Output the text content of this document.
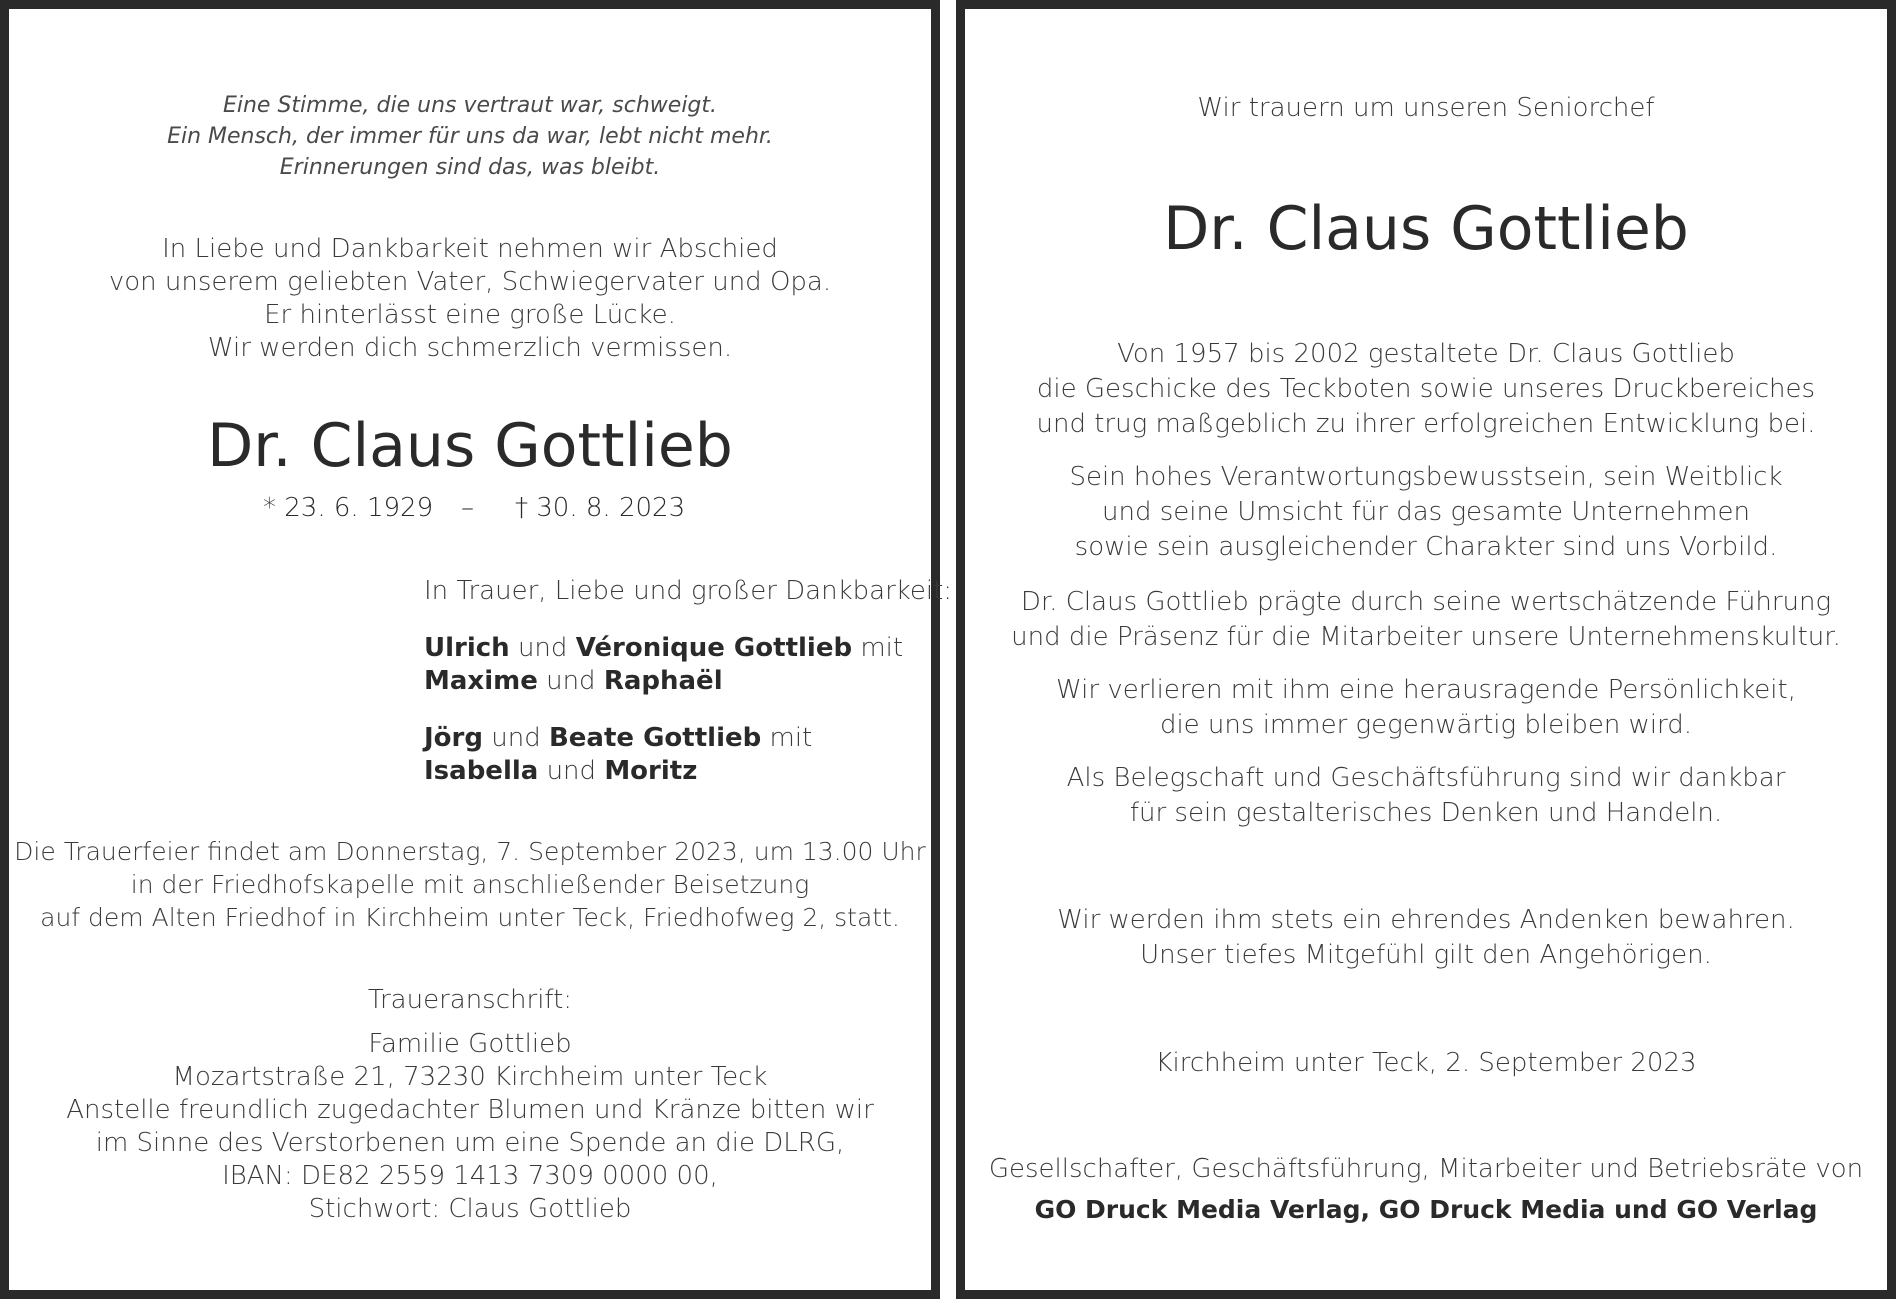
Eine Stimme, die uns vertraut war, schweigt.
Ein Mensch, der immer für uns da war, lebt nicht mehr.
Erinnerungen sind das, was bleibt.
In Liebe und Dankbarkeit nehmen wir Abschied
von unserem geliebten Vater, Schwiegervater und Opa.
Er hinterlässt eine große Lücke.
Wir werden dich schmerzlich vermissen.
Dr. Claus Gottlieb
* 23. 6. 1929 – † 30. 8. 2023
In Trauer, Liebe und großer Dankbarkeit:
Ulrich und Véronique Gottlieb mit
Maxime und Raphaël
Jörg und Beate Gottlieb mit
Isabella und Moritz
Die Trauerfeier findet am Donnerstag, 7. September 2023, um 13.00 Uhr
in der Friedhofskapelle mit anschließender Beisetzung
auf dem Alten Friedhof in Kirchheim unter Teck, Friedhofweg 2, statt.
Traueranschrift:
Familie Gottlieb
Mozartstraße 21, 73230 Kirchheim unter Teck
Anstelle freundlich zugedachter Blumen und Kränze bitten wir
im Sinne des Verstorbenen um eine Spende an die DLRG,
IBAN: DE82 2559 1413 7309 0000 00,
Stichwort: Claus Gottlieb
Wir trauern um unseren Seniorchef
Dr. Claus Gottlieb
Von 1957 bis 2002 gestaltete Dr. Claus Gottlieb
die Geschicke des Teckboten sowie unseres Druckbereiches
und trug maßgeblich zu ihrer erfolgreichen Entwicklung bei.
Sein hohes Verantwortungsbewusstsein, sein Weitblick
und seine Umsicht für das gesamte Unternehmen
sowie sein ausgleichender Charakter sind uns Vorbild.
Dr. Claus Gottlieb prägte durch seine wertschätzende Führung
und die Präsenz für die Mitarbeiter unsere Unternehmenskultur.
Wir verlieren mit ihm eine herausragende Persönlichkeit,
die uns immer gegenwärtig bleiben wird.
Als Belegschaft und Geschäftsführung sind wir dankbar
für sein gestalterisches Denken und Handeln.
Wir werden ihm stets ein ehrendes Andenken bewahren.
Unser tiefes Mitgefühl gilt den Angehörigen.
Kirchheim unter Teck, 2. September 2023
Gesellschafter, Geschäftsführung, Mitarbeiter und Betriebsräte von
GO Druck Media Verlag, GO Druck Media und GO Verlag
